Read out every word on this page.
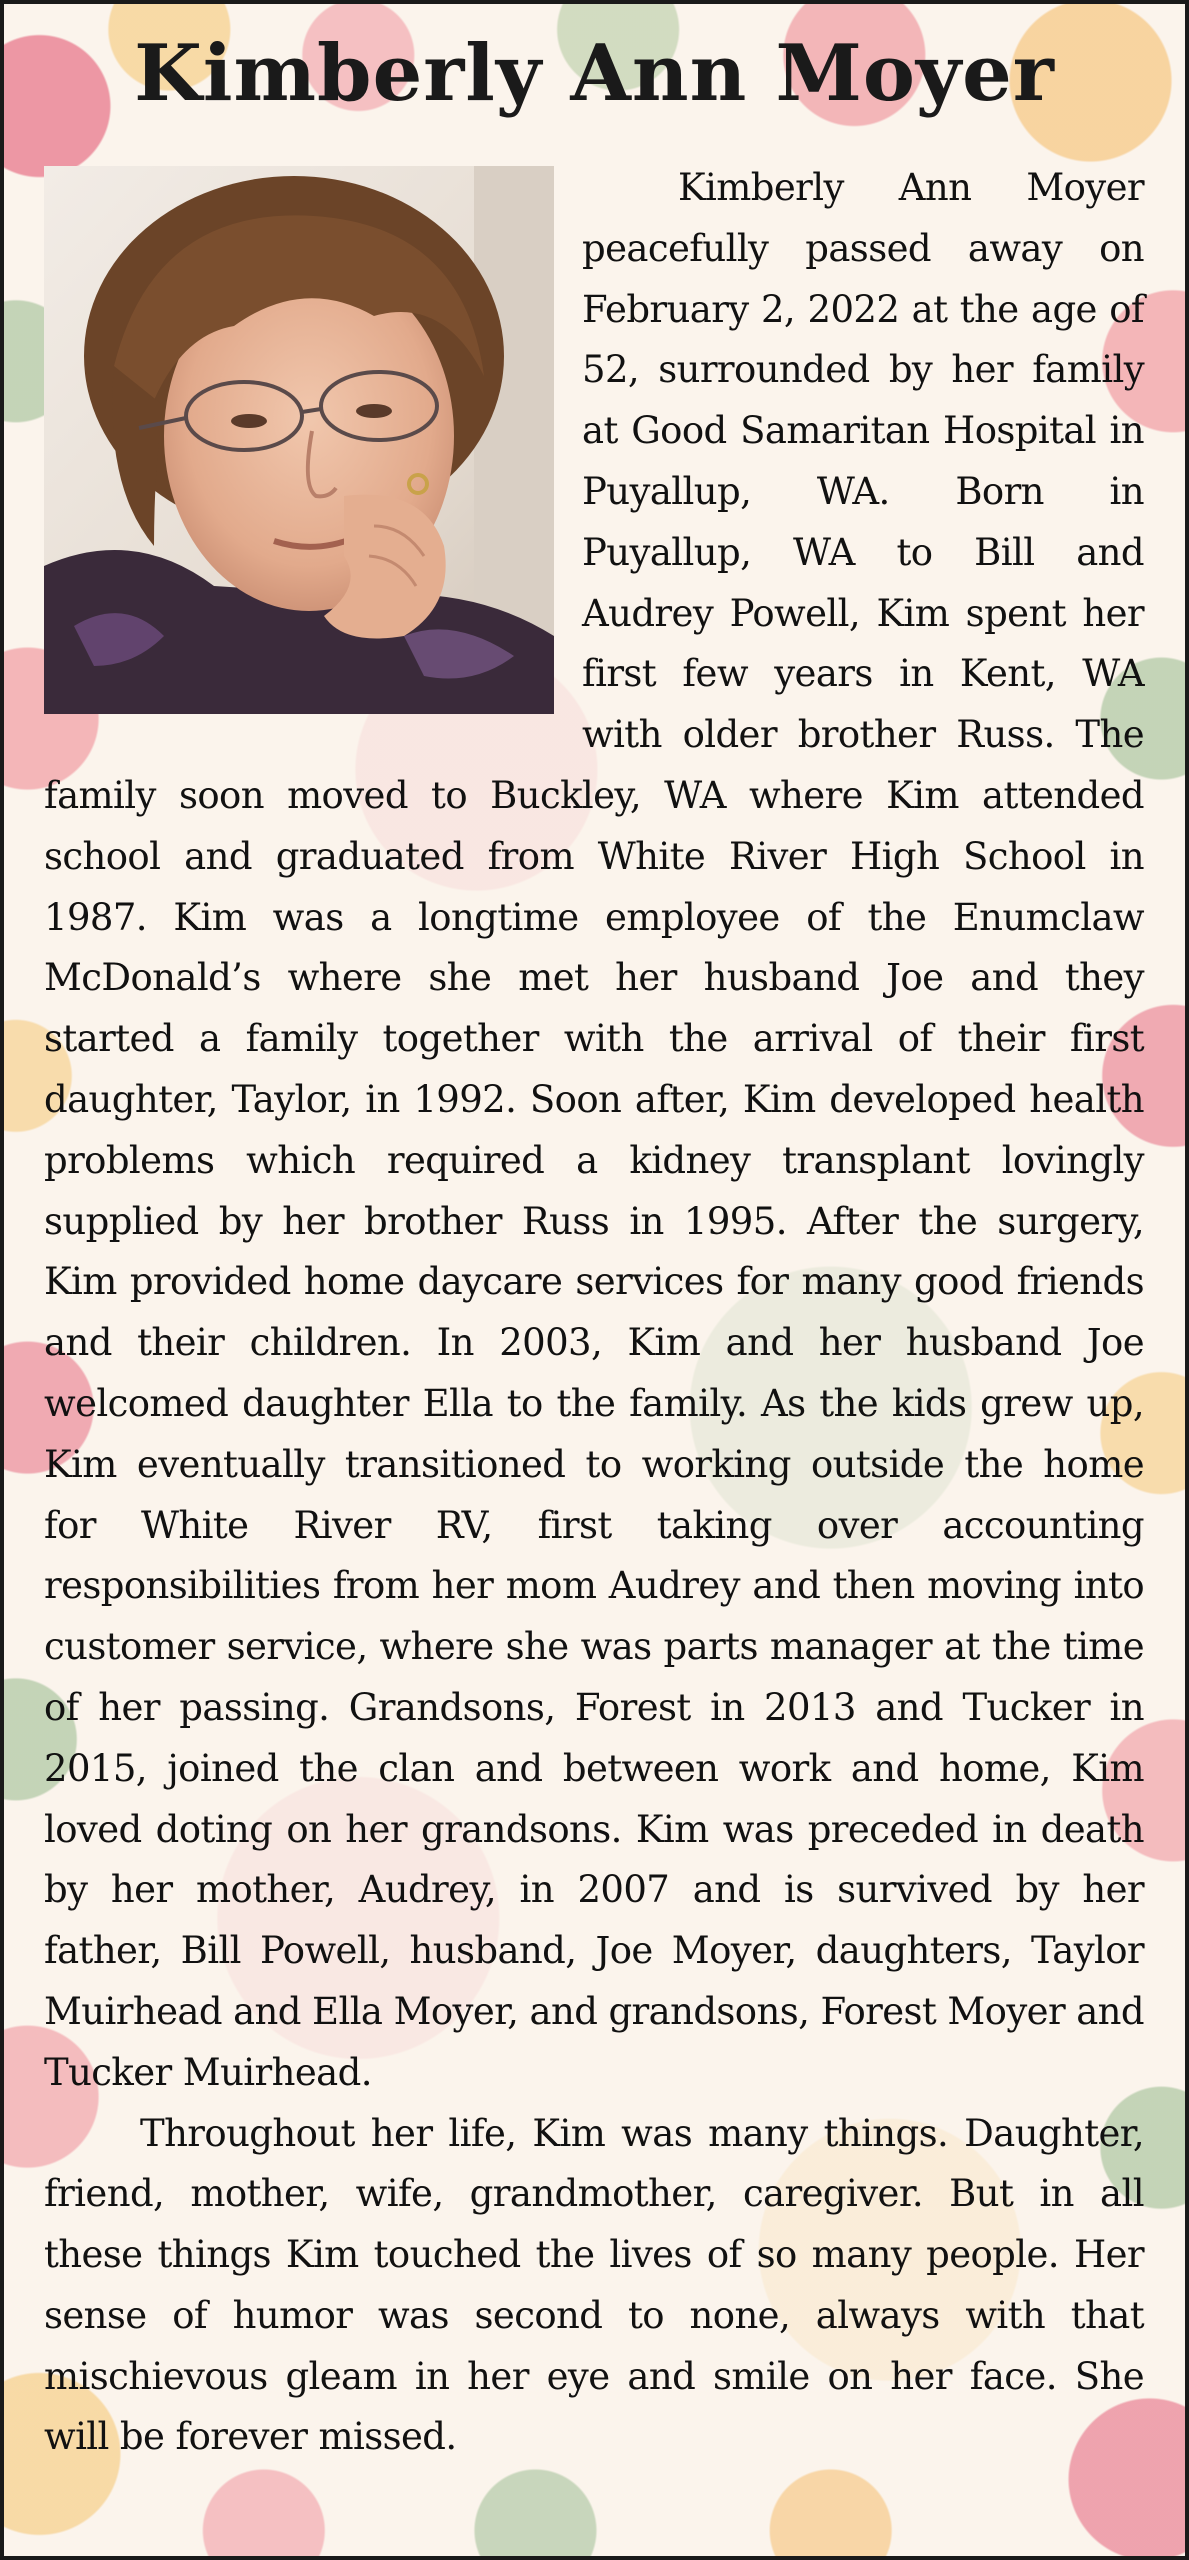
Kimberly Ann Moyer

Kimberly Ann Moyer peacefully passed away on February 2, 2022 at the age of 52, surrounded by her family at Good Samaritan Hospital in Puyallup, WA. Born in Puyallup, WA to Bill and Audrey Powell, Kim spent her first few years in Kent, WA with older brother Russ. The family soon moved to Buckley, WA where Kim attended school and graduated from White River High School in 1987. Kim was a longtime employee of the Enumclaw McDonald’s where she met her husband Joe and they started a family together with the arrival of their first daughter, Taylor, in 1992. Soon after, Kim developed health problems which required a kidney transplant lovingly supplied by her brother Russ in 1995. After the surgery, Kim provided home daycare services for many good friends and their children. In 2003, Kim and her husband Joe welcomed daughter Ella to the family. As the kids grew up, Kim eventually transitioned to working outside the home for White River RV, first taking over accounting responsibilities from her mom Audrey and then moving into customer service, where she was parts manager at the time of her passing. Grandsons, Forest in 2013 and Tucker in 2015, joined the clan and between work and home, Kim loved doting on her grandsons. Kim was preceded in death by her mother, Audrey, in 2007 and is survived by her father, Bill Powell, husband, Joe Moyer, daughters, Taylor Muirhead and Ella Moyer, and grandsons, Forest Moyer and Tucker Muirhead.

Throughout her life, Kim was many things. Daughter, friend, mother, wife, grandmother, caregiver. But in all these things Kim touched the lives of so many people. Her sense of humor was second to none, always with that mischievous gleam in her eye and smile on her face. She will be forever missed.
